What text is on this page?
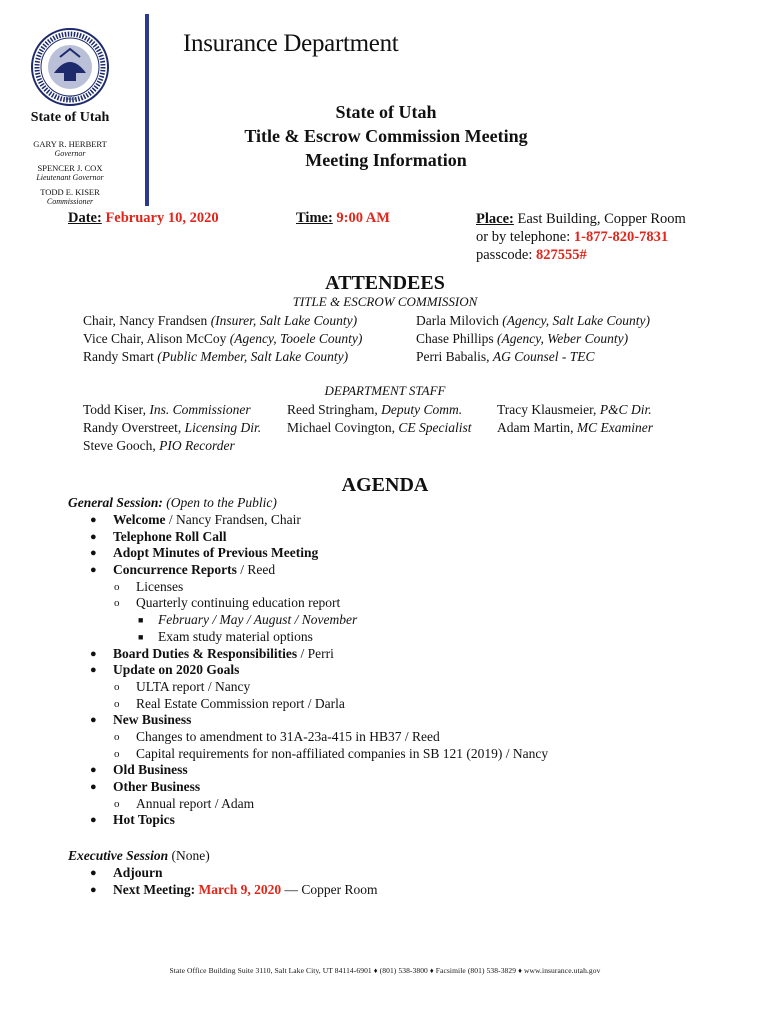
1896
Insurance Department
State of Utah
GARY R. HERBERT
Governor
SPENCER J. COX
Lieutenant Governor
TODD E. KISER
Commissioner
State of Utah
Title & Escrow Commission Meeting
Meeting Information
Date: February 10, 2020	Time: 9:00 AM	Place: East Building, Copper Room
or by telephone: 1-877-820-7831
passcode: 827555#
ATTENDEES
TITLE & ESCROW COMMISSION
Chair, Nancy Frandsen (Insurer, Salt Lake County)
Vice Chair, Alison McCoy (Agency, Tooele County)
Randy Smart (Public Member, Salt Lake County)
Darla Milovich (Agency, Salt Lake County)
Chase Phillips (Agency, Weber County)
Perri Babalis, AG Counsel - TEC
DEPARTMENT STAFF
Todd Kiser, Ins. Commissioner
Randy Overstreet, Licensing Dir.
Steve Gooch, PIO Recorder
Reed Stringham, Deputy Comm.
Michael Covington, CE Specialist
Tracy Klausmeier, P&C Dir.
Adam Martin, MC Examiner
AGENDA
General Session: (Open to the Public)
● Welcome / Nancy Frandsen, Chair
● Telephone Roll Call
● Adopt Minutes of Previous Meeting
● Concurrence Reports / Reed
o Licenses
o Quarterly continuing education report
■ February / May / August / November
■ Exam study material options
● Board Duties & Responsibilities / Perri
● Update on 2020 Goals
o ULTA report / Nancy
o Real Estate Commission report / Darla
● New Business
o Changes to amendment to 31A-23a-415 in HB37 / Reed
o Capital requirements for non-affiliated companies in SB 121 (2019) / Nancy
● Old Business
● Other Business
o Annual report / Adam
● Hot Topics
Executive Session (None)
● Adjourn
● Next Meeting: March 9, 2020 — Copper Room
State Office Building Suite 3110, Salt Lake City, UT 84114-6901 ♦ (801) 538-3800 ♦ Facsimile (801) 538-3829 ♦ www.insurance.utah.gov
